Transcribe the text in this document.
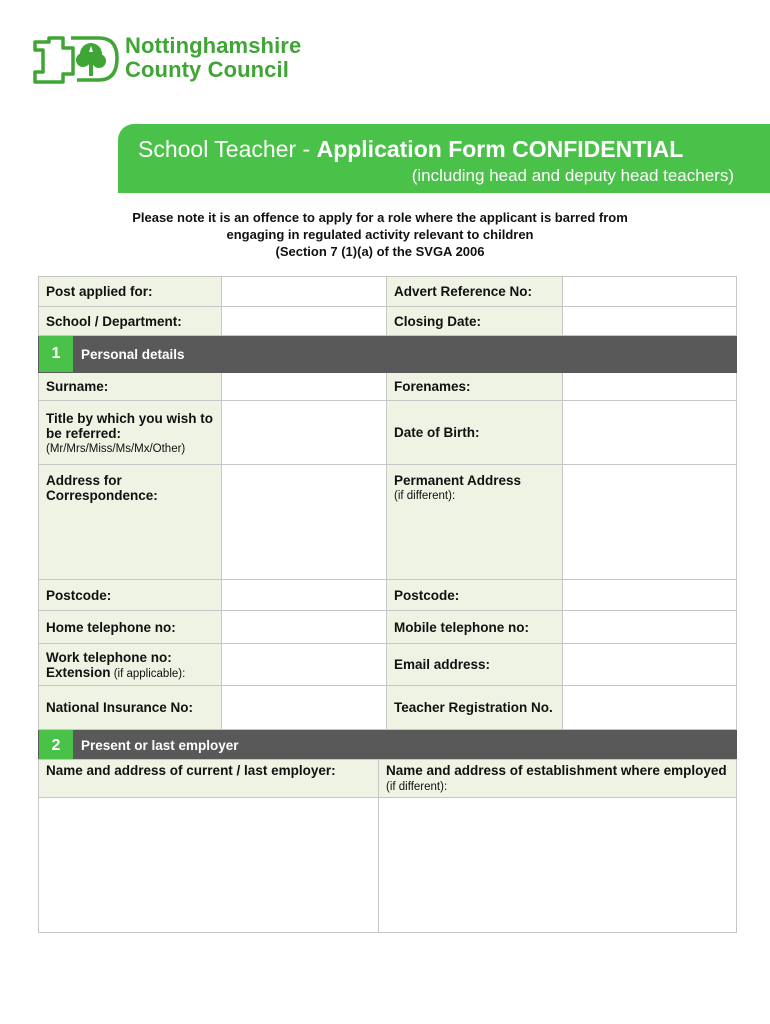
Nottinghamshire
County Council
School Teacher - Application Form CONFIDENTIAL
(including head and deputy head teachers)
Please note it is an offence to apply for a role where the applicant is barred from
engaging in regulated activity relevant to children
(Section 7 (1)(a) of the SVGA 2006
Post applied for:		Advert Reference No:	
School / Department:		Closing Date:	

1 Personal details			

Surname:		Forenames:	
Title by which you wish to be referred:
(Mr/Mrs/Miss/Ms/Mx/Other)		Date of Birth:	
Address for Correspondence:		Permanent Address
(if different):	

Postcode:		Postcode:	
Home telephone no:		Mobile telephone no:	

Work telephone no:
Extension (if applicable):		Email address:	
National Insurance No:		Teacher Registration No.	

2 Present or last employer			
Name and address of current / last employer:	Name and address of establishment where employed (if different):
